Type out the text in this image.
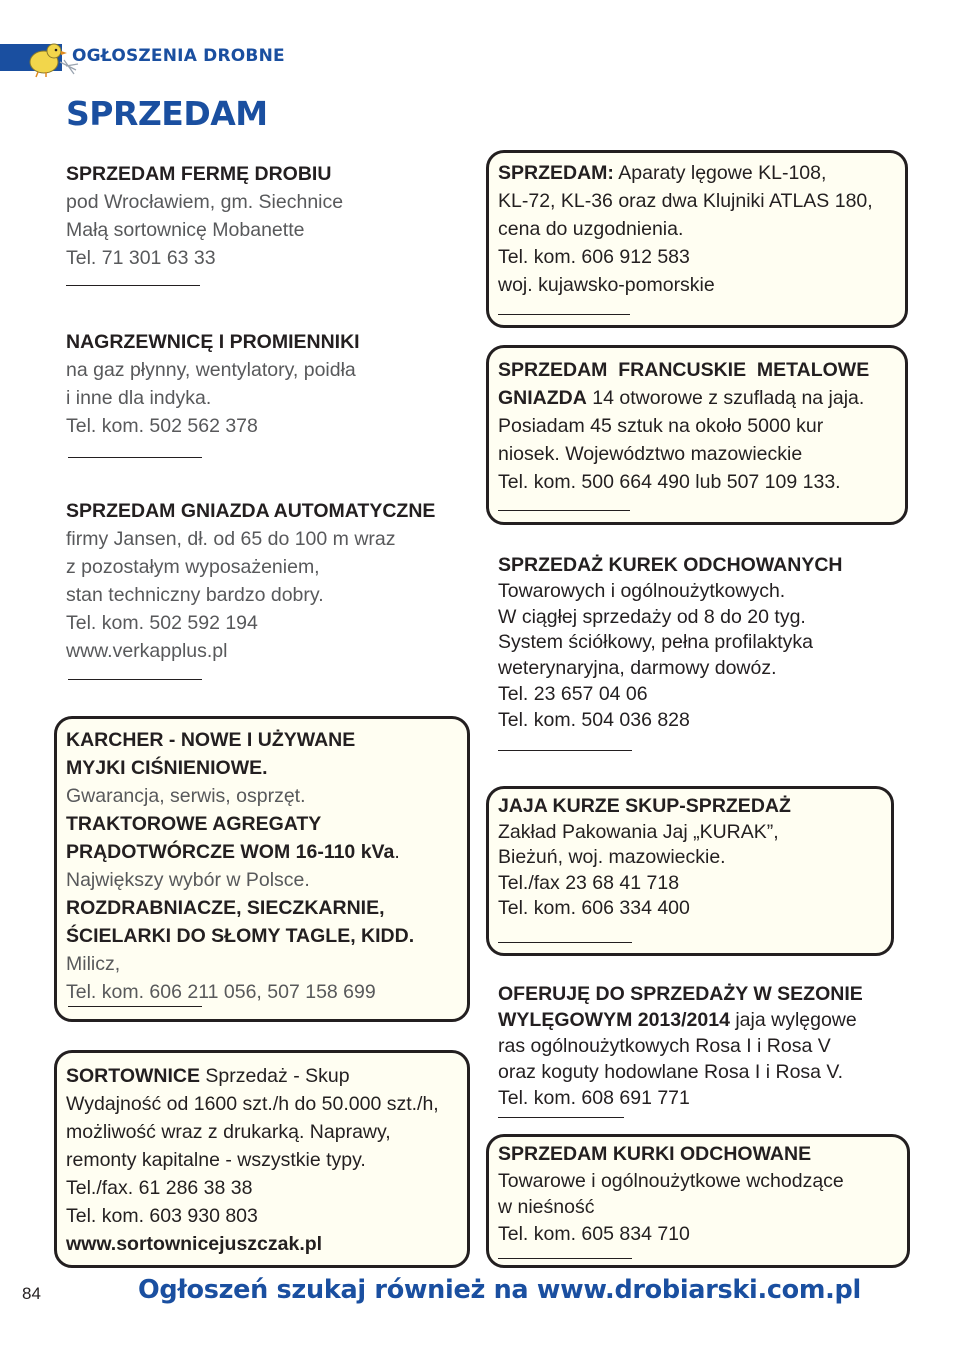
OGŁOSZENIA DROBNE
SPRZEDAM
SPRZEDAM FERMĘ DROBIU
pod Wrocławiem, gm. Siechnice
Małą sortownicę Mobanette
Tel. 71 301 63 33
NAGRZEWNICĘ I PROMIENNIKI
na gaz płynny, wentylatory, poidła
i inne dla indyka.
Tel. kom. 502 562 378
SPRZEDAM GNIAZDA AUTOMATYCZNE
firmy Jansen, dł. od 65 do 100 m wraz
z pozostałym wyposażeniem,
stan techniczny bardzo dobry.
Tel. kom. 502 592 194
www.verkapplus.pl
KARCHER - NOWE I UŻYWANE
MYJKI CIŚNIENIOWE.
Gwarancja, serwis, osprzęt.
TRAKTOROWE AGREGATY
PRĄDOTWÓRCZE WOM 16-110 kVa.
Największy wybór w Polsce.
ROZDRABNIACZE, SIECZKARNIE,
ŚCIELARKI DO SŁOMY TAGLE, KIDD.
Milicz,
Tel. kom. 606 211 056, 507 158 699
SORTOWNICE Sprzedaż - Skup
Wydajność od 1600 szt./h do 50.000 szt./h,
możliwość wraz z drukarką. Naprawy,
remonty kapitalne - wszystkie typy.
Tel./fax. 61 286 38 38
Tel. kom. 603 930 803
www.sortownicejuszczak.pl
SPRZEDAM: Aparaty lęgowe KL-108,
KL-72, KL-36 oraz dwa Klujniki ATLAS 180,
cena do uzgodnienia.
Tel. kom. 606 912 583
woj. kujawsko-pomorskie
SPRZEDAM  FRANCUSKIE  METALOWE
GNIAZDA 14 otworowe z szufladą na jaja.
Posiadam 45 sztuk na około 5000 kur
niosek. Województwo mazowieckie
Tel. kom. 500 664 490 lub 507 109 133.
SPRZEDAŻ KUREK ODCHOWANYCH
Towarowych i ogólnoużytkowych.
W ciągłej sprzedaży od 8 do 20 tyg.
System ściółkowy, pełna profilaktyka
weterynaryjna, darmowy dowóz.
Tel. 23 657 04 06
Tel. kom. 504 036 828
JAJA KURZE SKUP-SPRZEDAŻ
Zakład Pakowania Jaj „KURAK”,
Bieżuń, woj. mazowieckie.
Tel./fax 23 68 41 718
Tel. kom. 606 334 400
OFERUJĘ DO SPRZEDAŻY W SEZONIE
WYLĘGOWYM 2013/2014 jaja wylęgowe
ras ogólnoużytkowych Rosa I i Rosa V
oraz koguty hodowlane Rosa I i Rosa V.
Tel. kom. 608 691 771
SPRZEDAM KURKI ODCHOWANE
Towarowe i ogólnoużytkowe wchodzące
w nieśność
Tel. kom. 605 834 710
84	Ogłoszeń szukaj również na www.drobiarski.com.pl
